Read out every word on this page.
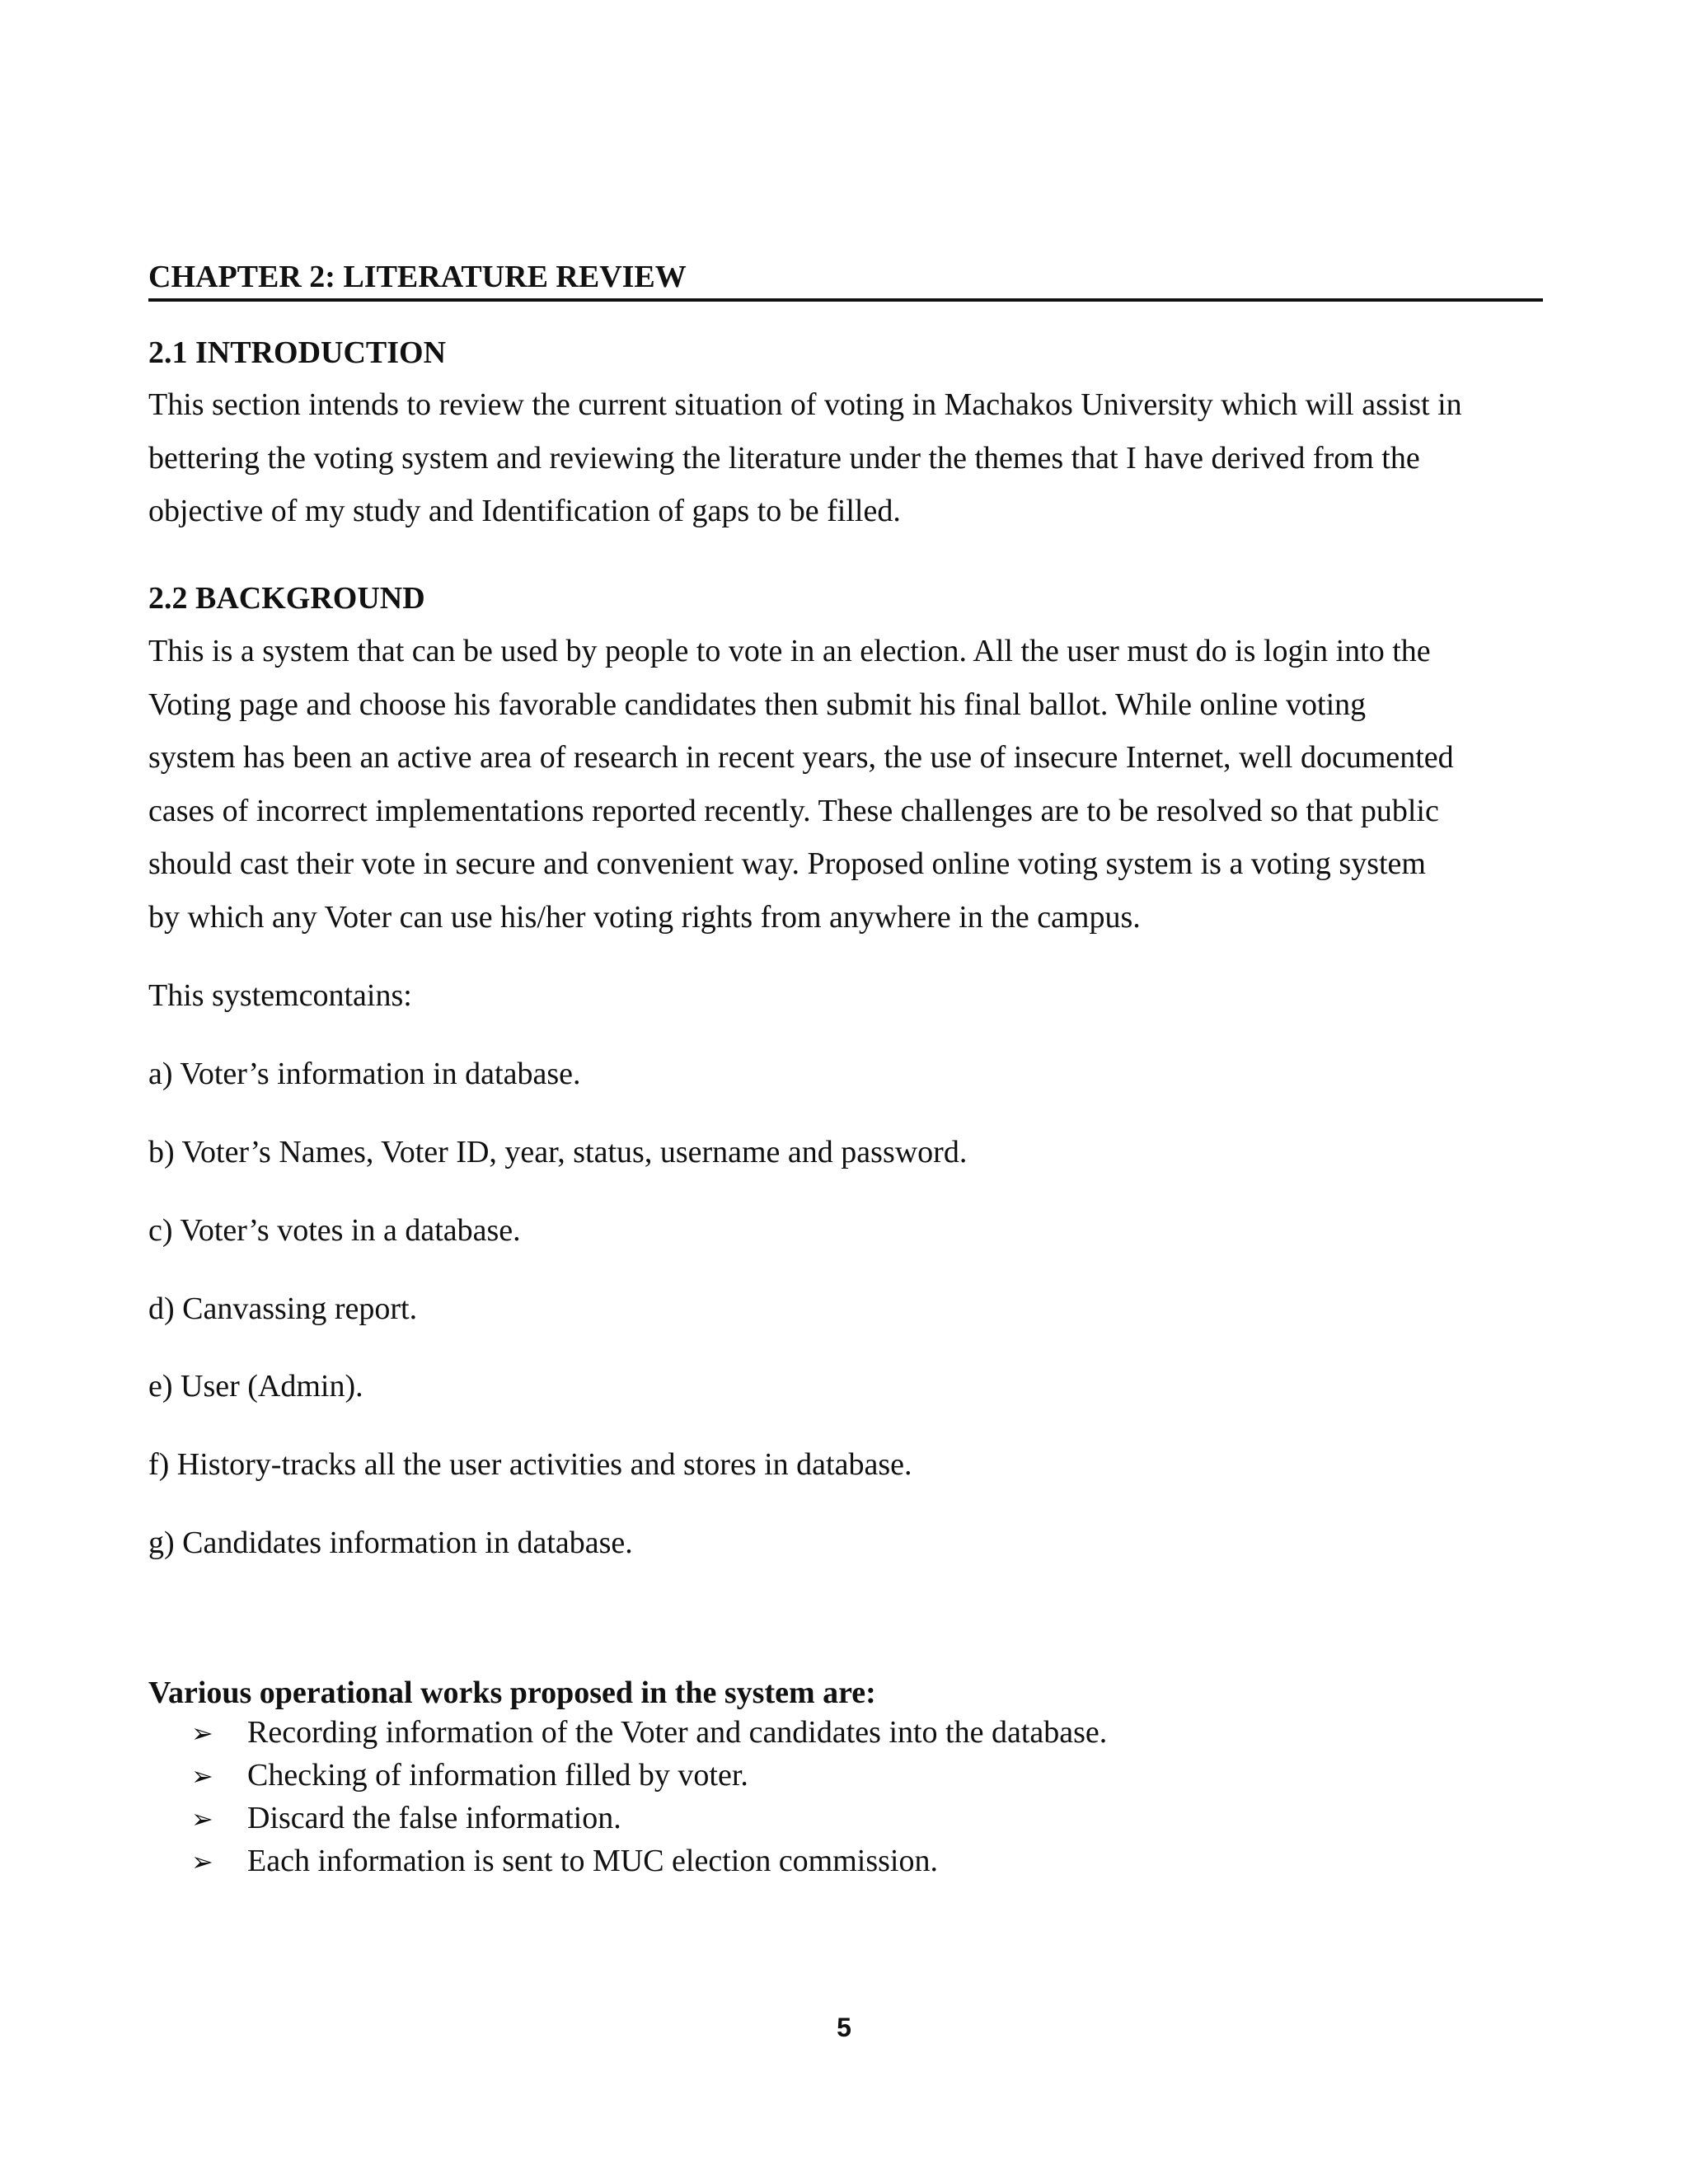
CHAPTER 2: LITERATURE REVIEW
2.1 INTRODUCTION
This section intends to review the current situation of voting in Machakos University which will assist in
bettering the voting system and reviewing the literature under the themes that I have derived from the
objective of my study and Identification of gaps to be filled.
2.2 BACKGROUND
This is a system that can be used by people to vote in an election. All the user must do is login into the
Voting page and choose his favorable candidates then submit his final ballot. While online voting
system has been an active area of research in recent years, the use of insecure Internet, well documented
cases of incorrect implementations reported recently. These challenges are to be resolved so that public
should cast their vote in secure and convenient way. Proposed online voting system is a voting system
by which any Voter can use his/her voting rights from anywhere in the campus.
This systemcontains:
a) Voter’s information in database.
b) Voter’s Names, Voter ID, year, status, username and password.
c) Voter’s votes in a database.
d) Canvassing report.
e) User (Admin).
f) History-tracks all the user activities and stores in database.
g) Candidates information in database.
Various operational works proposed in the system are:
➢ Recording information of the Voter and candidates into the database.
➢ Checking of information filled by voter.
➢ Discard the false information.
➢ Each information is sent to MUC election commission.
5
